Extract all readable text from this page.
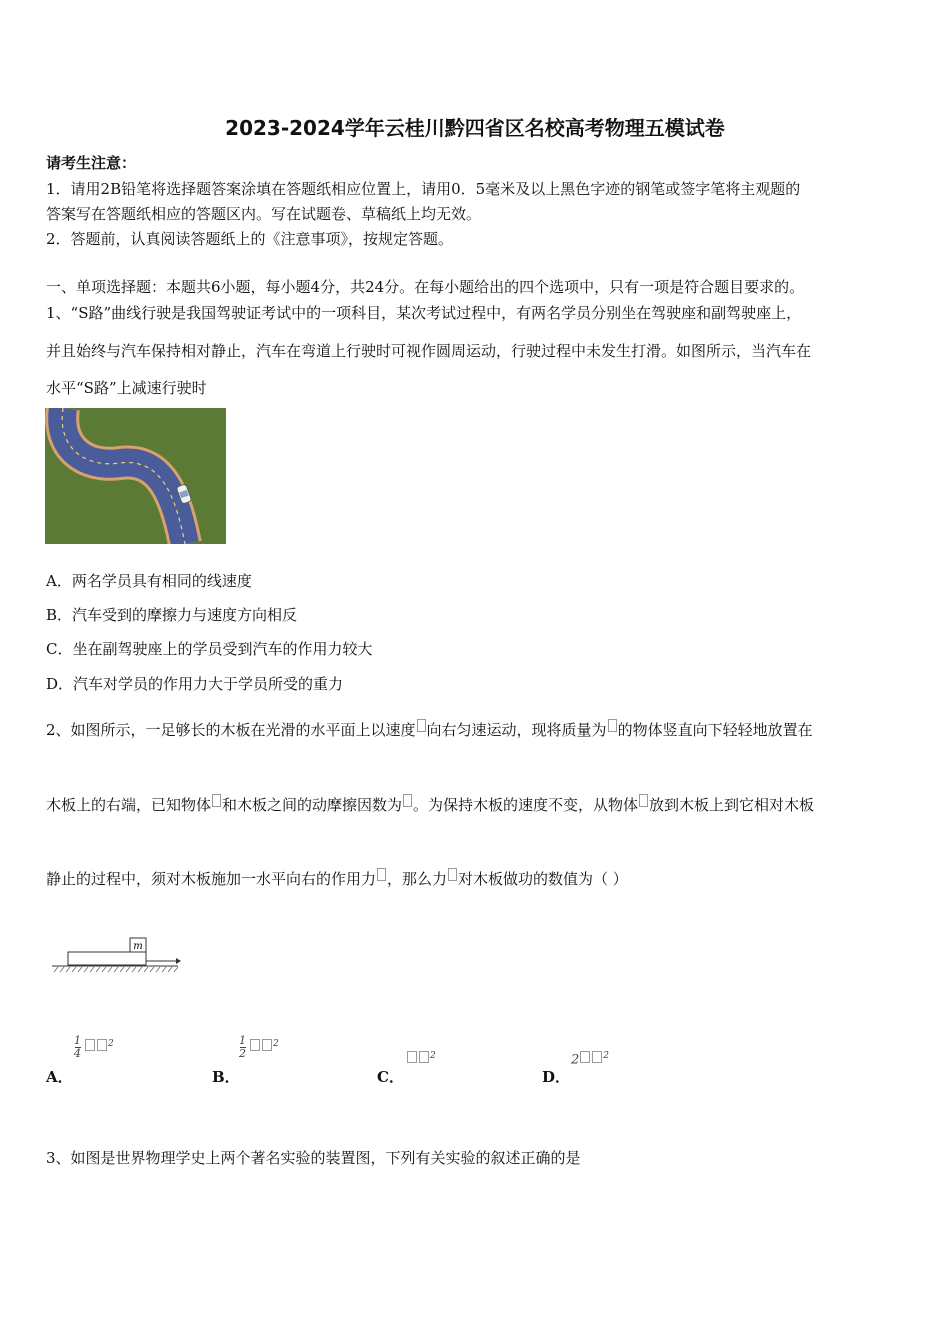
2023-2024学年云桂川黔四省区名校高考物理五模试卷
请考生注意：
1．请用2B铅笔将选择题答案涂填在答题纸相应位置上，请用0．5毫米及以上黑色字迹的钢笔或签字笔将主观题的
答案写在答题纸相应的答题区内。写在试题卷、草稿纸上均无效。
2．答题前，认真阅读答题纸上的《注意事项》，按规定答题。
一、单项选择题：本题共6小题，每小题4分，共24分。在每小题给出的四个选项中，只有一项是符合题目要求的。
1、“S路”曲线行驶是我国驾驶证考试中的一项科目，某次考试过程中，有两名学员分别坐在驾驶座和副驾驶座上，
并且始终与汽车保持相对静止，汽车在弯道上行驶时可视作圆周运动，行驶过程中未发生打滑。如图所示，当汽车在
水平“S路”上减速行驶时
A．两名学员具有相同的线速度
B．汽车受到的摩擦力与速度方向相反
C．坐在副驾驶座上的学员受到汽车的作用力较大
D．汽车对学员的作用力大于学员所受的重力
2、如图所示，一足够长的木板在光滑的水平面上以速度 向右匀速运动，现将质量为 的物体竖直向下轻轻地放置在
木板上的右端，已知物体 和木板之间的动摩擦因数为 。为保持木板的速度不变，从物体 放到木板上到它相对木板
静止的过程中，须对木板施加一水平向右的作用力 ，那么力 对木板做功的数值为（ ）
m
A．
1
4
$^2$
B．
1
2
$^2$
C．
$^2$
D．
2	$^2$
3、如图是世界物理学史上两个著名实验的装置图，下列有关实验的叙述正确的是
